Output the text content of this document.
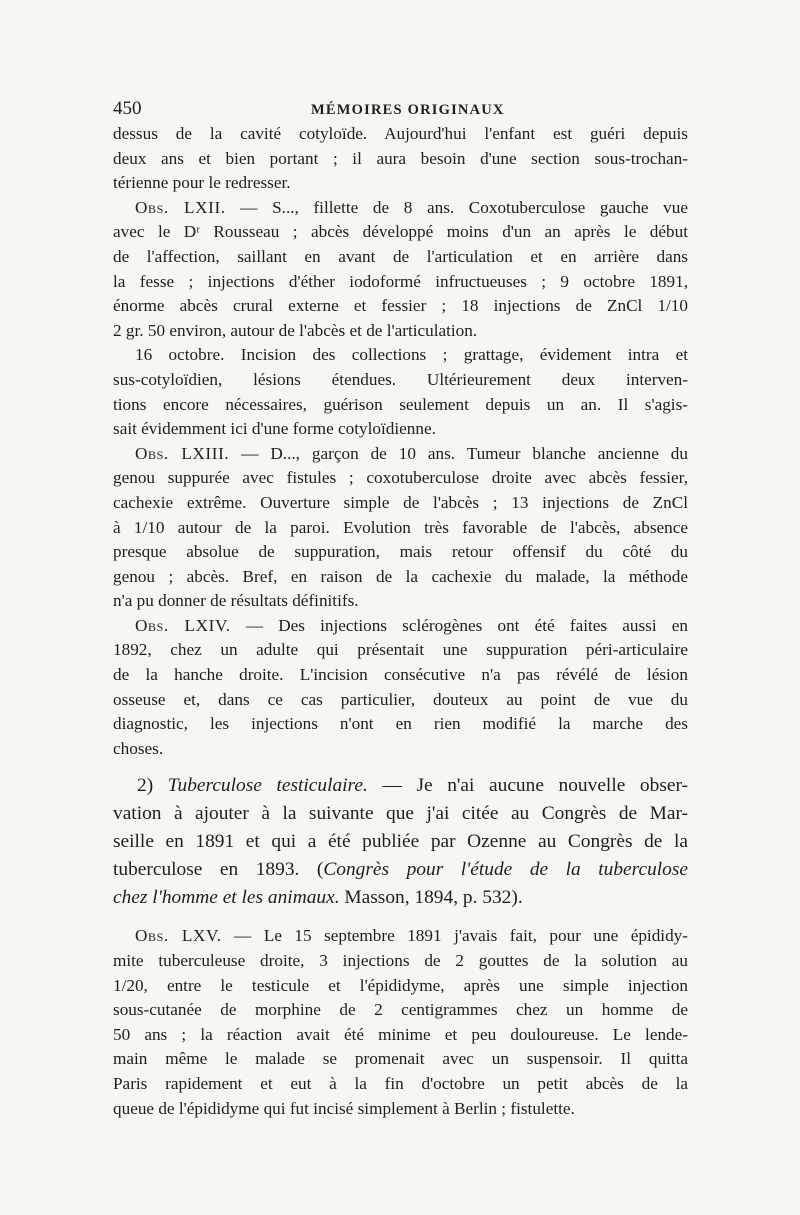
450	MÉMOIRES ORIGINAUX

dessus de la cavité cotyloïde. Aujourd'hui l'enfant est guéri depuis

deux ans et bien portant ; il aura besoin d'une section sous-trochan-

térienne pour le redresser.

Obs. LXII. — S..., fillette de 8 ans. Coxotuberculose gauche vue

avec le Dʳ Rousseau ; abcès développé moins d'un an après le début

de l'affection, saillant en avant de l'articulation et en arrière dans

la fesse ; injections d'éther iodoformé infructueuses ; 9 octobre 1891,

énorme abcès crural externe et fessier ; 18 injections de ZnCl 1/10

2 gr. 50 environ, autour de l'abcès et de l'articulation.

16 octobre. Incision des collections ; grattage, évidement intra et

sus-cotyloïdien, lésions étendues. Ultérieurement deux interven-

tions encore nécessaires, guérison seulement depuis un an. Il s'agis-

sait évidemment ici d'une forme cotyloïdienne.

Obs. LXIII. — D..., garçon de 10 ans. Tumeur blanche ancienne du

genou suppurée avec fistules ; coxotuberculose droite avec abcès fessier,

cachexie extrême. Ouverture simple de l'abcès ; 13 injections de ZnCl

à 1/10 autour de la paroi. Evolution très favorable de l'abcès, absence

presque absolue de suppuration, mais retour offensif du côté du

genou ; abcès. Bref, en raison de la cachexie du malade, la méthode

n'a pu donner de résultats définitifs.

Obs. LXIV. — Des injections sclérogènes ont été faites aussi en

1892, chez un adulte qui présentait une suppuration péri-articulaire

de la hanche droite. L'incision consécutive n'a pas révélé de lésion

osseuse et, dans ce cas particulier, douteux au point de vue du

diagnostic, les injections n'ont en rien modifié la marche des

choses.

2) Tuberculose testiculaire. — Je n'ai aucune nouvelle obser-

vation à ajouter à la suivante que j'ai citée au Congrès de Mar-

seille en 1891 et qui a été publiée par Ozenne au Congrès de la

tuberculose en 1893. (Congrès pour l'étude de la tuberculose

chez l'homme et les animaux. Masson, 1894, p. 532).

Obs. LXV. — Le 15 septembre 1891 j'avais fait, pour une épididy-

mite tuberculeuse droite, 3 injections de 2 gouttes de la solution au

1/20, entre le testicule et l'épididyme, après une simple injection

sous-cutanée de morphine de 2 centigrammes chez un homme de

50 ans ; la réaction avait été minime et peu douloureuse. Le lende-

main même le malade se promenait avec un suspensoir. Il quitta

Paris rapidement et eut à la fin d'octobre un petit abcès de la

queue de l'épididyme qui fut incisé simplement à Berlin ; fistulette.
